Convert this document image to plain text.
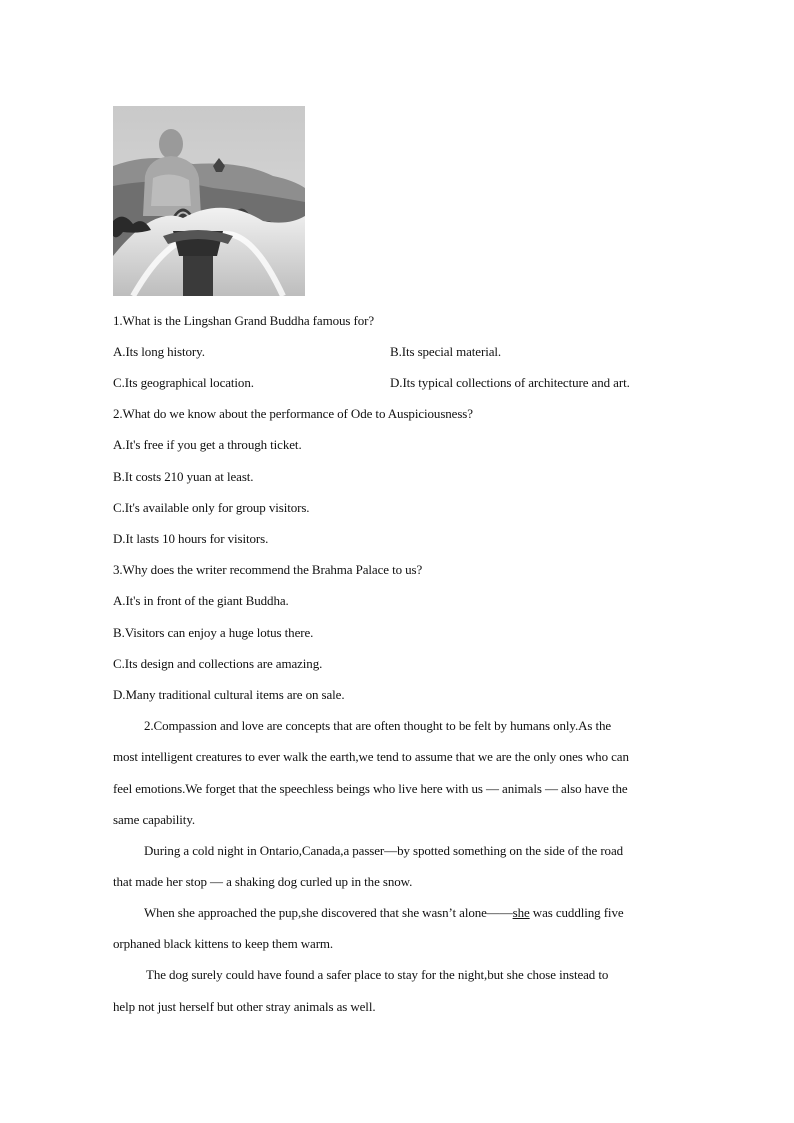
1.What is the Lingshan Grand Buddha famous for?
A.Its long history.	B.Its special material.
C.Its geographical location.	D.Its typical collections of architecture and art.
2.What do we know about the performance of Ode to Auspiciousness?
A.It's free if you get a through ticket.
B.It costs 210 yuan at least.
C.It's available only for group visitors.
D.It lasts 10 hours for visitors.
3.Why does the writer recommend the Brahma Palace to us?
A.It's in front of the giant Buddha.
B.Visitors can enjoy a huge lotus there.
C.Its design and collections are amazing.
D.Many traditional cultural items are on sale.
2.Compassion and love are concepts that are often thought to be felt by humans only.As the
most intelligent creatures to ever walk the earth,we tend to assume that we are the only ones who can
feel emotions.We forget that the speechless beings who live here with us — animals — also have the
same capability.
During a cold night in Ontario,Canada,a passer—by spotted something on the side of the road
that made her stop — a shaking dog curled up in the snow.
When she approached the pup,she discovered that she wasn’t alone——she was cuddling five
orphaned black kittens to keep them warm.
The dog surely could have found a safer place to stay for the night,but she chose instead to
help not just herself but other stray animals as well.
